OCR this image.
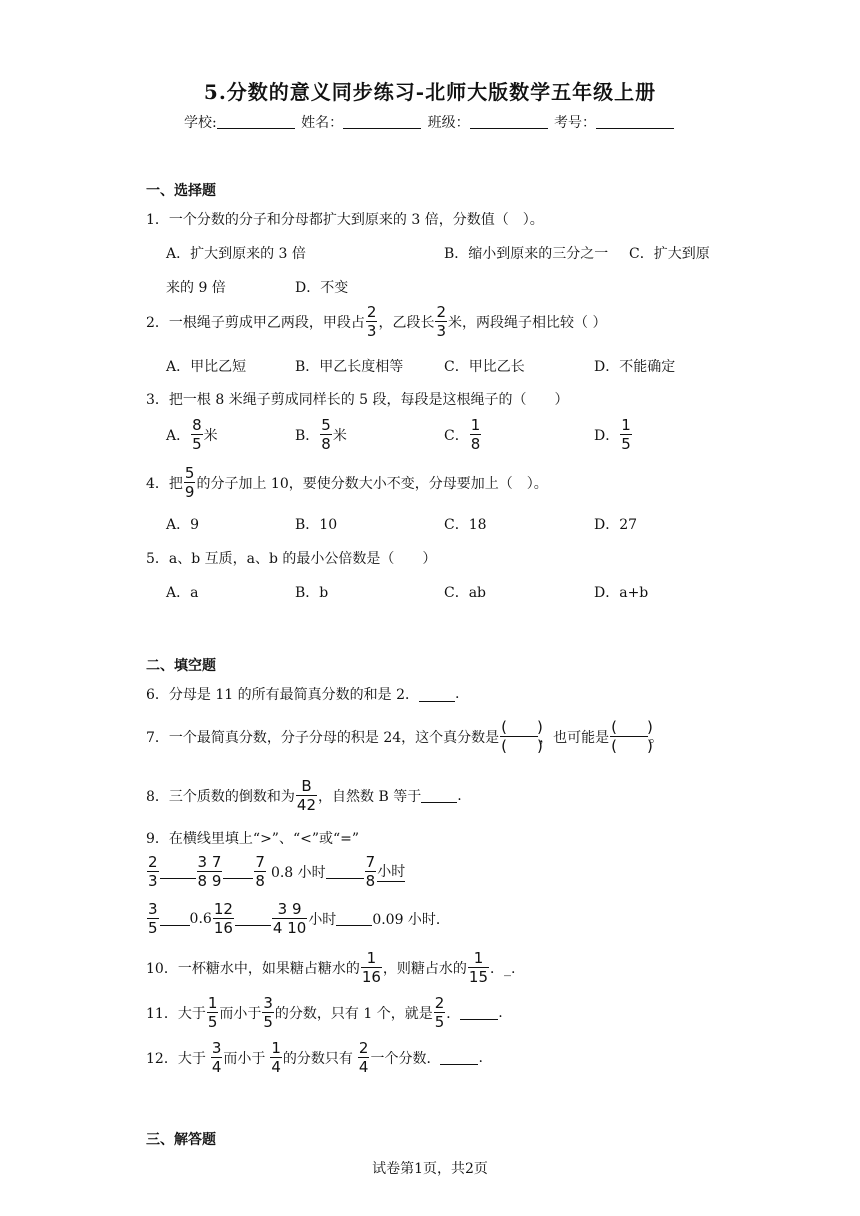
5.分数的意义同步练习-北师大版数学五年级上册
学校:	姓名：	班级：	考号：
一、选择题
1．一个分数的分子和分母都扩大到原来的 3 倍，分数值（　）。
A．扩大到原来的 3 倍	B．缩小到原来的三分之一 C．扩大到原
来的 9 倍	D．不变
2．一根绳子剪成甲乙两段，甲段占 $\frac{2}{3}$ ，乙段长 $\frac{2}{3}$ 米，两段绳子相比较（ ）
A．甲比乙短	B．甲乙长度相等	C．甲比乙长	D．不能确定
3．把一根 8 米绳子剪成同样长的 5 段，每段是这根绳子的（　　）
A． $\frac{8}{5}$ 米	B． $\frac{5}{8}$ 米	C． $\frac{1}{8}$	D． $\frac{1}{5}$
4．把 $\frac{5}{9}$ 的分子加上 10，要使分数大小不变，分母要加上（　）。
A．9	B．10	C．18	D．27
5．a、b 互质，a、b 的最小公倍数是（　　）
A．a	B．b	C．ab	D．a+b
二、填空题
6．分母是 11 的所有最简真分数的和是 2．	.
7．一个最简真分数，分子分母的积是 24，这个真分数是 $\frac{( )}{( )}$ ，也可能是 $\frac{( )}{( )}$ 。
8．三个质数的倒数和为 $\frac{B}{42}$ ，自然数 B 等于	.
9．在横线里填上“>”、“<”或“=”
$\frac{2}{3}$	$\frac{3 7}{8 9} \frac{7}{8} 0.8$ 小时	$\frac{7}{8}$ 小时
$\frac{3}{5} 0.6 \frac{12}{16}$	$\frac{3 9}{4 10}$ 小时	0.09 小时．
10．一杯糖水中，如果糖占糖水的 $\frac{1}{16}$ ，则糖占水的 $\frac{1}{15}$ ．_.
11．大于 $\frac{1}{5}$ 而小于 $\frac{3}{5}$ 的分数，只有 1 个，就是 $\frac{2}{5}$ ．	.
12．大于 $\frac{3}{4}$ 而小于 $\frac{1}{4}$ 的分数只有 $\frac{2}{4}$ 一个分数．	.
三、解答题
试卷第1页，共2页
